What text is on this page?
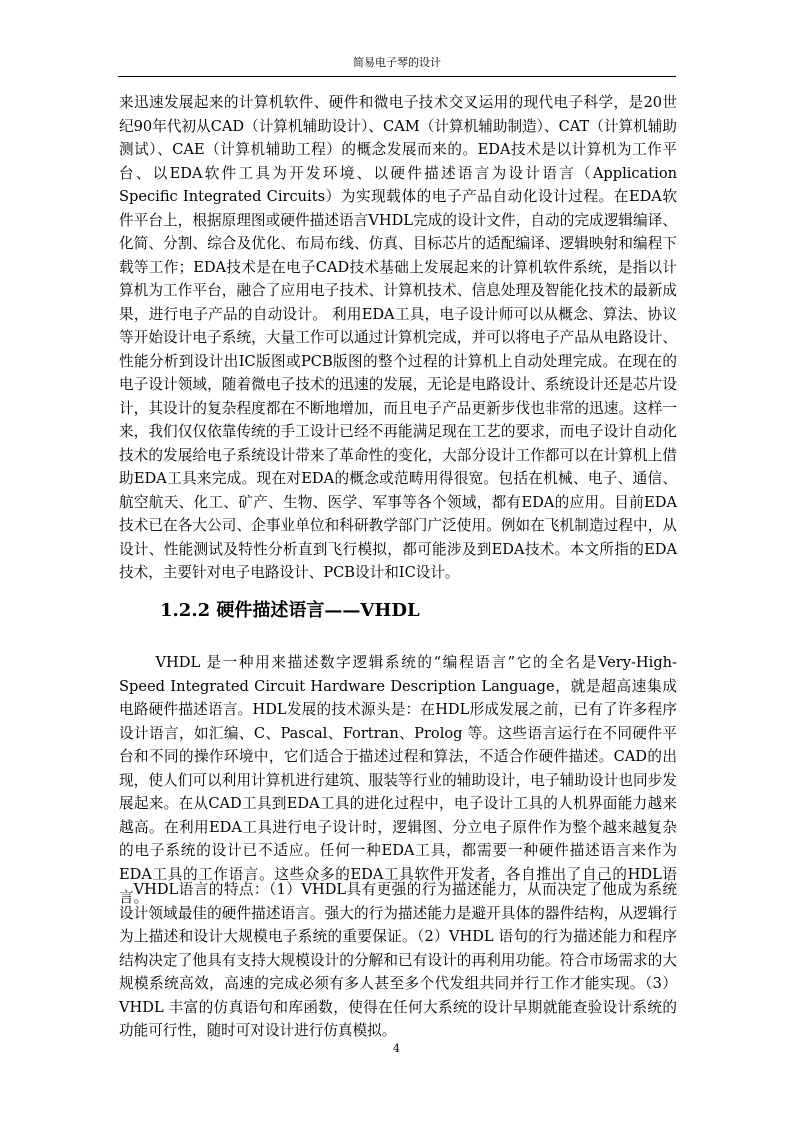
简易电子琴的设计

来迅速发展起来的计算机软件、硬件和微电子技术交叉运用的现代电子科学，是20世纪90年代初从CAD（计算机辅助设计）、CAM（计算机辅助制造）、CAT（计算机辅助测试）、CAE（计算机辅助工程）的概念发展而来的。EDA技术是以计算机为工作平台、以EDA软件工具为开发环境、以硬件描述语言为设计语言（Application Specific Integrated Circuits）为实现载体的电子产品自动化设计过程。在EDA软件平台上，根据原理图或硬件描述语言VHDL完成的设计文件，自动的完成逻辑编译、化简、分割、综合及优化、布局布线、仿真、目标芯片的适配编译、逻辑映射和编程下载等工作；EDA技术是在电子CAD技术基础上发展起来的计算机软件系统，是指以计算机为工作平台，融合了应用电子技术、计算机技术、信息处理及智能化技术的最新成果，进行电子产品的自动设计。 利用EDA工具，电子设计师可以从概念、算法、协议等开始设计电子系统，大量工作可以通过计算机完成，并可以将电子产品从电路设计、性能分析到设计出IC版图或PCB版图的整个过程的计算机上自动处理完成。在现在的电子设计领域，随着微电子技术的迅速的发展，无论是电路设计、系统设计还是芯片设计，其设计的复杂程度都在不断地增加，而且电子产品更新步伐也非常的迅速。这样一来，我们仅仅依靠传统的手工设计已经不再能满足现在工艺的要求，而电子设计自动化技术的发展给电子系统设计带来了革命性的变化，大部分设计工作都可以在计算机上借助EDA工具来完成。现在对EDA的概念或范畴用得很宽。包括在机械、电子、通信、航空航天、化工、矿产、生物、医学、军事等各个领域，都有EDA的应用。目前EDA技术已在各大公司、企事业单位和科研教学部门广泛使用。例如在飞机制造过程中，从设计、性能测试及特性分析直到飞行模拟，都可能涉及到EDA技术。本文所指的EDA技术，主要针对电子电路设计、PCB设计和IC设计。

1.2.2 硬件描述语言——VHDL

VHDL 是一种用来描述数字逻辑系统的“编程语言”它的全名是Very-High-Speed Integrated Circuit Hardware Description Language，就是超高速集成电路硬件描述语言。HDL发展的技术源头是：在HDL形成发展之前，已有了许多程序设计语言，如汇编、C、Pascal、Fortran、Prolog 等。这些语言运行在不同硬件平台和不同的操作环境中，它们适合于描述过程和算法，不适合作硬件描述。CAD的出现，使人们可以利用计算机进行建筑、服装等行业的辅助设计，电子辅助设计也同步发展起来。在从CAD工具到EDA工具的进化过程中，电子设计工具的人机界面能力越来越高。在利用EDA工具进行电子设计时，逻辑图、分立电子原件作为整个越来越复杂的电子系统的设计已不适应。任何一种EDA工具，都需要一种硬件描述语言来作为EDA工具的工作语言。这些众多的EDA工具软件开发者，各自推出了自己的HDL语言。

VHDL语言的特点：（1）VHDL具有更强的行为描述能力，从而决定了他成为系统设计领域最佳的硬件描述语言。强大的行为描述能力是避开具体的器件结构，从逻辑行为上描述和设计大规模电子系统的重要保证。（2）VHDL 语句的行为描述能力和程序结构决定了他具有支持大规模设计的分解和已有设计的再利用功能。符合市场需求的大规模系统高效，高速的完成必须有多人甚至多个代发组共同并行工作才能实现。（3）VHDL 丰富的仿真语句和库函数，使得在任何大系统的设计早期就能查验设计系统的功能可行性，随时可对设计进行仿真模拟。

4
